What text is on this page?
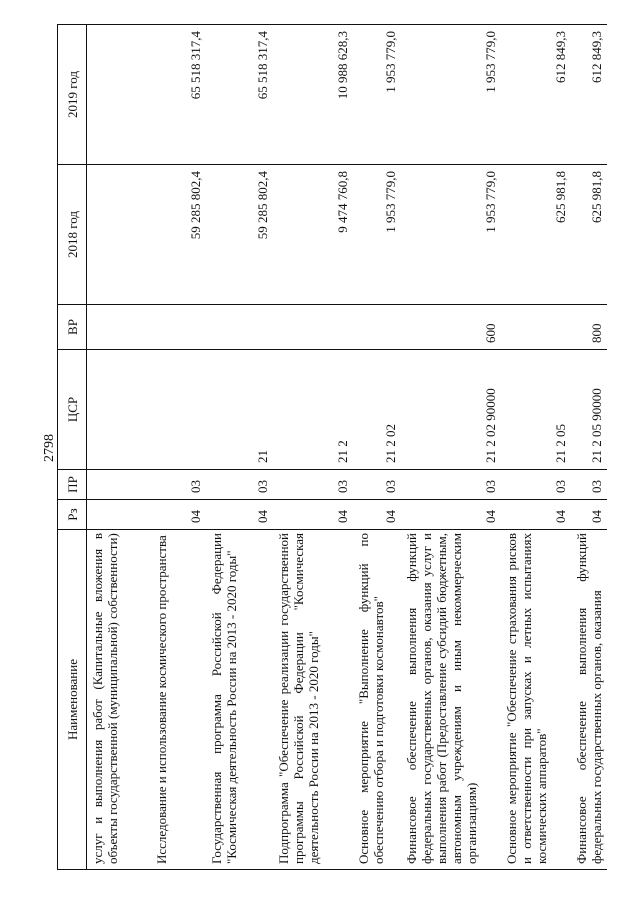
2798
Наименование	Рз	ПР	ЦСР	ВР	2018 год	2019 год
услуг и выполнения работ (Капитальные вложения в объекты государственной (муниципальной) собственности)						
Исследование и использование космического пространства	04	03			59 285 802,4	65 518 317,4
Государственная программа Российской Федерации "Космическая деятельность России на 2013 - 2020 годы"	04	03	21		59 285 802,4	65 518 317,4
Подпрограмма "Обеспечение реализации государственной программы Российской Федерации "Космическая деятельность России на 2013 - 2020 годы"	04	03	21 2		9 474 760,8	10 988 628,3
Основное мероприятие "Выполнение функций по обеспечению отбора и подготовки космонавтов"	04	03	21 2 02		1 953 779,0	1 953 779,0
Финансовое обеспечение выполнения функций федеральных государственных органов, оказания услуг и выполнения работ (Предоставление субсидий бюджетным, автономным учреждениям и иным некоммерческим организациям)	04	03	21 2 02 90000	600	1 953 779,0	1 953 779,0
Основное мероприятие "Обеспечение страхования рисков и ответственности при запусках и летных испытаниях космических аппаратов"	04	03	21 2 05		625 981,8	612 849,3
Финансовое обеспечение выполнения функций федеральных государственных органов, оказания	04	03	21 2 05 90000	800	625 981,8	612 849,3
